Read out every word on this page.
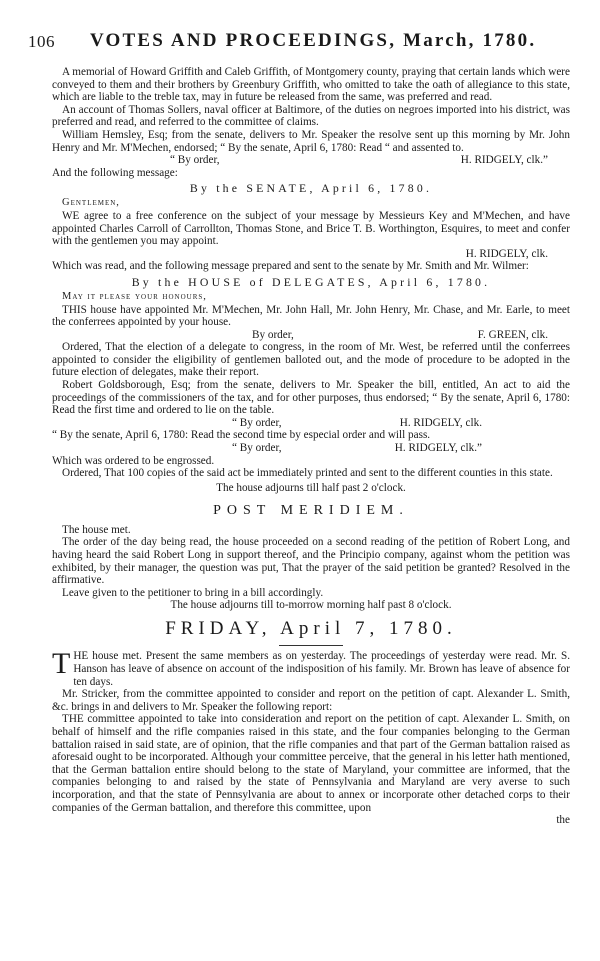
106 VOTES AND PROCEEDINGS, March, 1780.

A memorial of Howard Griffith and Caleb Griffith, of Montgomery county, praying that certain lands which were conveyed to them and their brothers by Greenbury Griffith, who omitted to take the oath of allegiance to this state, which are liable to the treble tax, may in future be released from the same, was preferred and read.

An account of Thomas Sollers, naval officer at Baltimore, of the duties on negroes imported into his district, was preferred and read, and referred to the committee of claims.

William Hemsley, Esq; from the senate, delivers to Mr. Speaker the resolve sent up this morning by Mr. John Henry and Mr. M'Mechen, endorsed; “ By the senate, April 6, 1780: Read “ and assented to.

“ By order,	H. RIDGELY, clk.”

And the following message:

By the SENATE, April 6, 1780.

Gentlemen,

WE agree to a free conference on the subject of your message by Messieurs Key and M'Mechen, and have appointed Charles Carroll of Carrollton, Thomas Stone, and Brice T. B. Worthington, Esquires, to meet and confer with the gentlemen you may appoint.

H. RIDGELY, clk.

Which was read, and the following message prepared and sent to the senate by Mr. Smith and Mr. Wilmer:

By the HOUSE of DELEGATES, April 6, 1780.

May it please your honours,

THIS house have appointed Mr. M'Mechen, Mr. John Hall, Mr. John Henry, Mr. Chase, and Mr. Earle, to meet the conferrees appointed by your house.

By order,	F. GREEN, clk.

Ordered, That the election of a delegate to congress, in the room of Mr. West, be referred until the conferrees appointed to consider the eligibility of gentlemen balloted out, and the mode of procedure to be adopted in the future election of delegates, make their report.

Robert Goldsborough, Esq; from the senate, delivers to Mr. Speaker the bill, entitled, An act to aid the proceedings of the commissioners of the tax, and for other purposes, thus endorsed; “ By the senate, April 6, 1780: Read the first time and ordered to lie on the table.

“ By order,	H. RIDGELY, clk.

“ By the senate, April 6, 1780: Read the second time by especial order and will pass.

“ By order,	H. RIDGELY, clk.”

Which was ordered to be engrossed.

Ordered, That 100 copies of the said act be immediately printed and sent to the different counties in this state.

The house adjourns till half past 2 o'clock.
POST MERIDIEM.

The house met.

The order of the day being read, the house proceeded on a second reading of the petition of Robert Long, and having heard the said Robert Long in support thereof, and the Principio company, against whom the petition was exhibited, by their manager, the question was put, That the prayer of the said petition be granted? Resolved in the affirmative.

Leave given to the petitioner to bring in a bill accordingly.

The house adjourns till to-morrow morning half past 8 o'clock.
FRIDAY, April 7, 1780.
T HE house met. Present the same members as on yesterday. The proceedings of yesterday were read. Mr. S. Hanson has leave of absence on account of the indisposition of his family. Mr. Brown has leave of absence for ten days.

Mr. Stricker, from the committee appointed to consider and report on the petition of capt. Alexander L. Smith, &c. brings in and delivers to Mr. Speaker the following report:

THE committee appointed to take into consideration and report on the petition of capt. Alexander L. Smith, on behalf of himself and the rifle companies raised in this state, and the four companies belonging to the German battalion raised in said state, are of opinion, that the rifle companies and that part of the German battalion raised as aforesaid ought to be incorporated. Although your committee perceive, that the general in his letter hath mentioned, that the German battalion entire should belong to the state of Maryland, your committee are informed, that the companies belonging to and raised by the state of Pennsylvania and Maryland are very averse to such incorporation, and that the state of Pennsylvania are about to annex or incorporate other detached corps to their companies of the German battalion, and therefore this committee, upon

the
